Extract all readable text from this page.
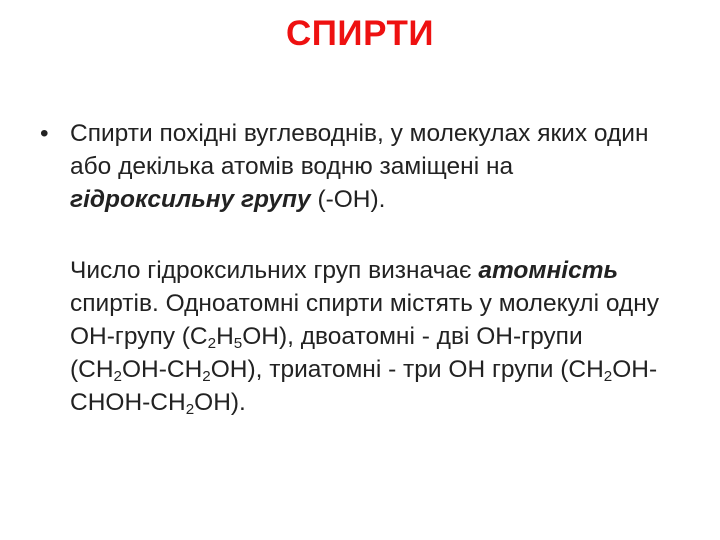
СПИРТИ
• Спирти похідні вуглеводнів, у молекулах яких один або декілька атомів водню заміщені на гідроксильну групу (-OH).
Число гідроксильних груп визначає атомність спиртів. Одноатомні спирти містять у молекулі одну ОН-групу $(C_2H_5OH)$, двоатомні - дві ОН-групи $(CH_2OH-CH_2OH)$, триатомні - три ОН групи $(CH_2OH-CHOH-CH_2OH)$.
